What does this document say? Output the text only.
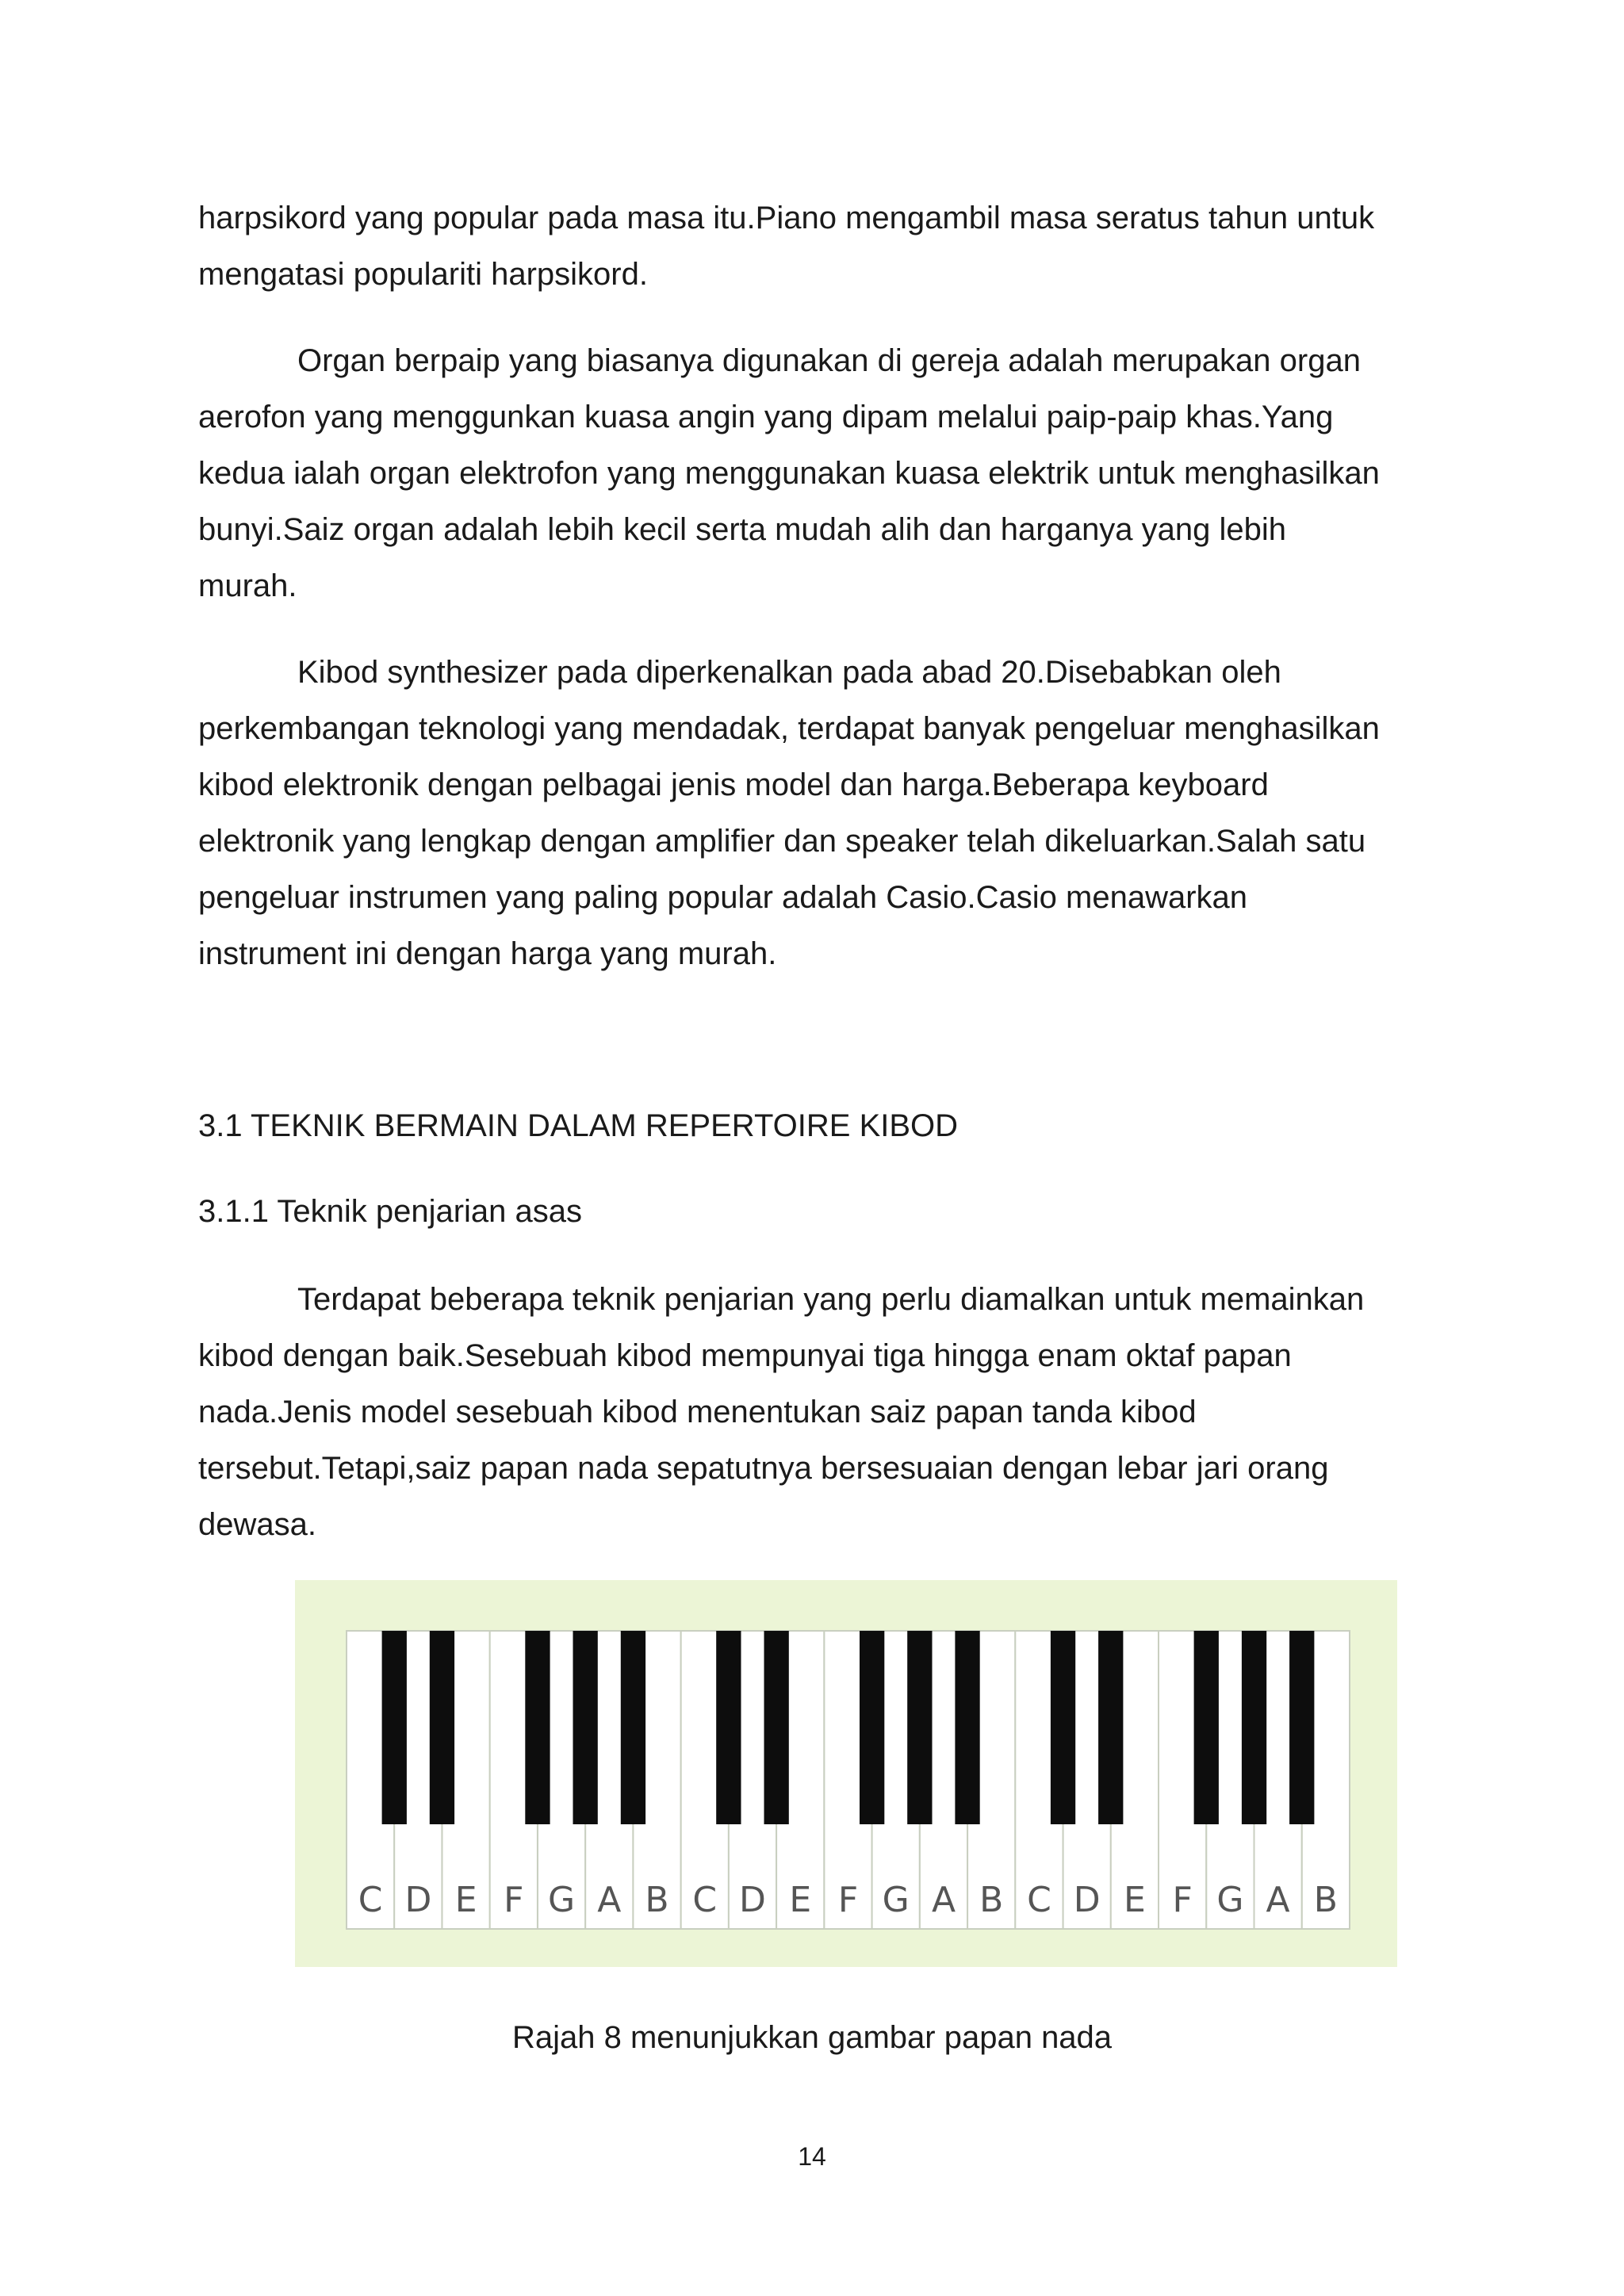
harpsikord yang popular pada masa itu.Piano mengambil masa seratus tahun untuk
mengatasi populariti harpsikord.

Organ berpaip yang biasanya digunakan di gereja adalah merupakan organ
aerofon yang menggunkan kuasa angin yang dipam melalui paip-paip khas.Yang
kedua ialah organ elektrofon yang menggunakan kuasa elektrik untuk menghasilkan
bunyi.Saiz organ adalah lebih kecil serta mudah alih dan harganya yang lebih
murah.

Kibod synthesizer pada diperkenalkan pada abad 20.Disebabkan oleh
perkembangan teknologi yang mendadak, terdapat banyak pengeluar menghasilkan
kibod elektronik dengan pelbagai jenis model dan harga.Beberapa keyboard
elektronik yang lengkap dengan amplifier dan speaker telah dikeluarkan.Salah satu
pengeluar instrumen yang paling popular adalah Casio.Casio menawarkan
instrument ini dengan harga yang murah.

3.1 TEKNIK BERMAIN DALAM REPERTOIRE KIBOD

3.1.1 Teknik penjarian asas

Terdapat beberapa teknik penjarian yang perlu diamalkan untuk memainkan
kibod dengan baik.Sesebuah kibod mempunyai tiga hingga enam oktaf papan
nada.Jenis model sesebuah kibod menentukan saiz papan tanda kibod
tersebut.Tetapi,saiz papan nada sepatutnya bersesuaian dengan lebar jari orang
dewasa.

C D E F G A B C D E F G A B C D E F G A B

Rajah 8 menunjukkan gambar papan nada

14
